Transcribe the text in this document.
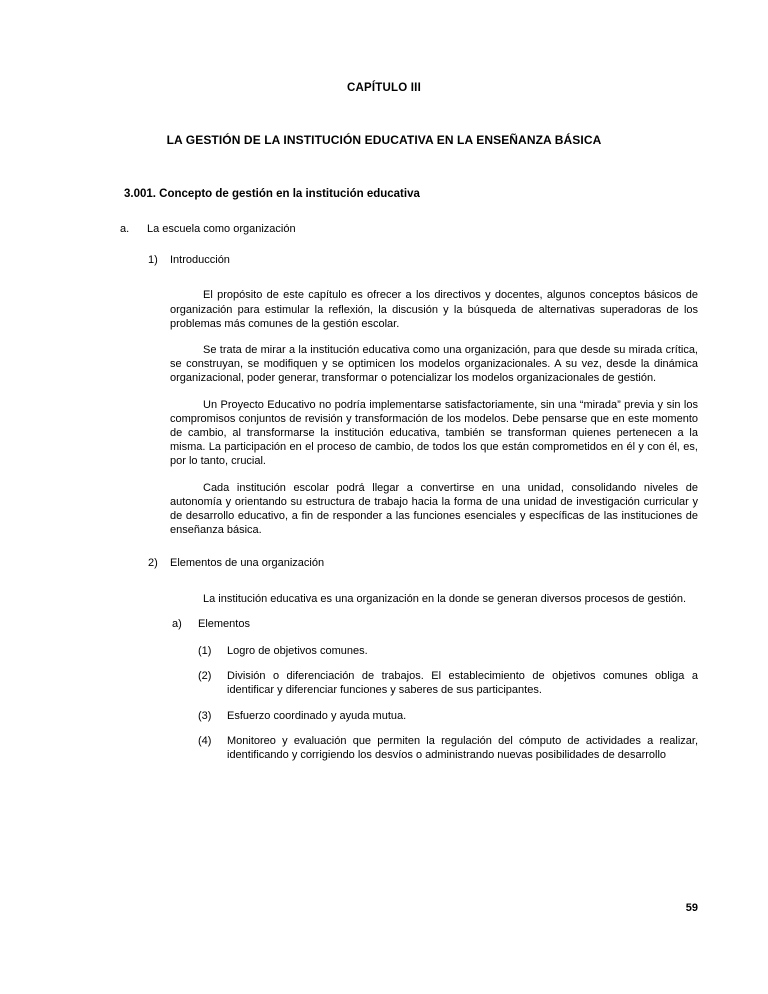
CAPÍTULO III
LA GESTIÓN DE LA INSTITUCIÓN EDUCATIVA EN LA ENSEÑANZA BÁSICA
3.001. Concepto de gestión en la institución educativa
a.	La escuela como organización
1)	Introducción

El propósito de este capítulo es ofrecer a los directivos y docentes, algunos conceptos básicos de organización para estimular la reflexión, la discusión y la búsqueda de alternativas superadoras de los problemas más comunes de la gestión escolar.

Se trata de mirar a la institución educativa como una organización, para que desde su mirada crítica, se construyan, se modifiquen y se optimicen los modelos organizacionales. A su vez, desde la dinámica organizacional, poder generar, transformar o potencializar los modelos organizacionales de gestión.

Un Proyecto Educativo no podría implementarse satisfactoriamente, sin una “mirada” previa y sin los compromisos conjuntos de revisión y transformación de los modelos. Debe pensarse que en este momento de cambio, al transformarse la institución educativa, también se transforman quienes pertenecen a la misma. La participación en el proceso de cambio, de todos los que están comprometidos en él y con él, es, por lo tanto, crucial.

Cada institución escolar podrá llegar a convertirse en una unidad, consolidando niveles de autonomía y orientando su estructura de trabajo hacia la forma de una unidad de investigación curricular y de desarrollo educativo, a fin de responder a las funciones esenciales y específicas de las instituciones de enseñanza básica.

2)	Elementos de una organización

La institución educativa es una organización en la donde se generan diversos procesos de gestión.

a)	Elementos
(1)	Logro de objetivos comunes.
(2)	División o diferenciación de trabajos. El establecimiento de objetivos comunes obliga a identificar y diferenciar funciones y saberes de sus participantes.
(3)	Esfuerzo coordinado y ayuda mutua.
(4)	Monitoreo y evaluación que permiten la regulación del cómputo de actividades a realizar, identificando y corrigiendo los desvíos o administrando nuevas posibilidades de desarrollo
59
